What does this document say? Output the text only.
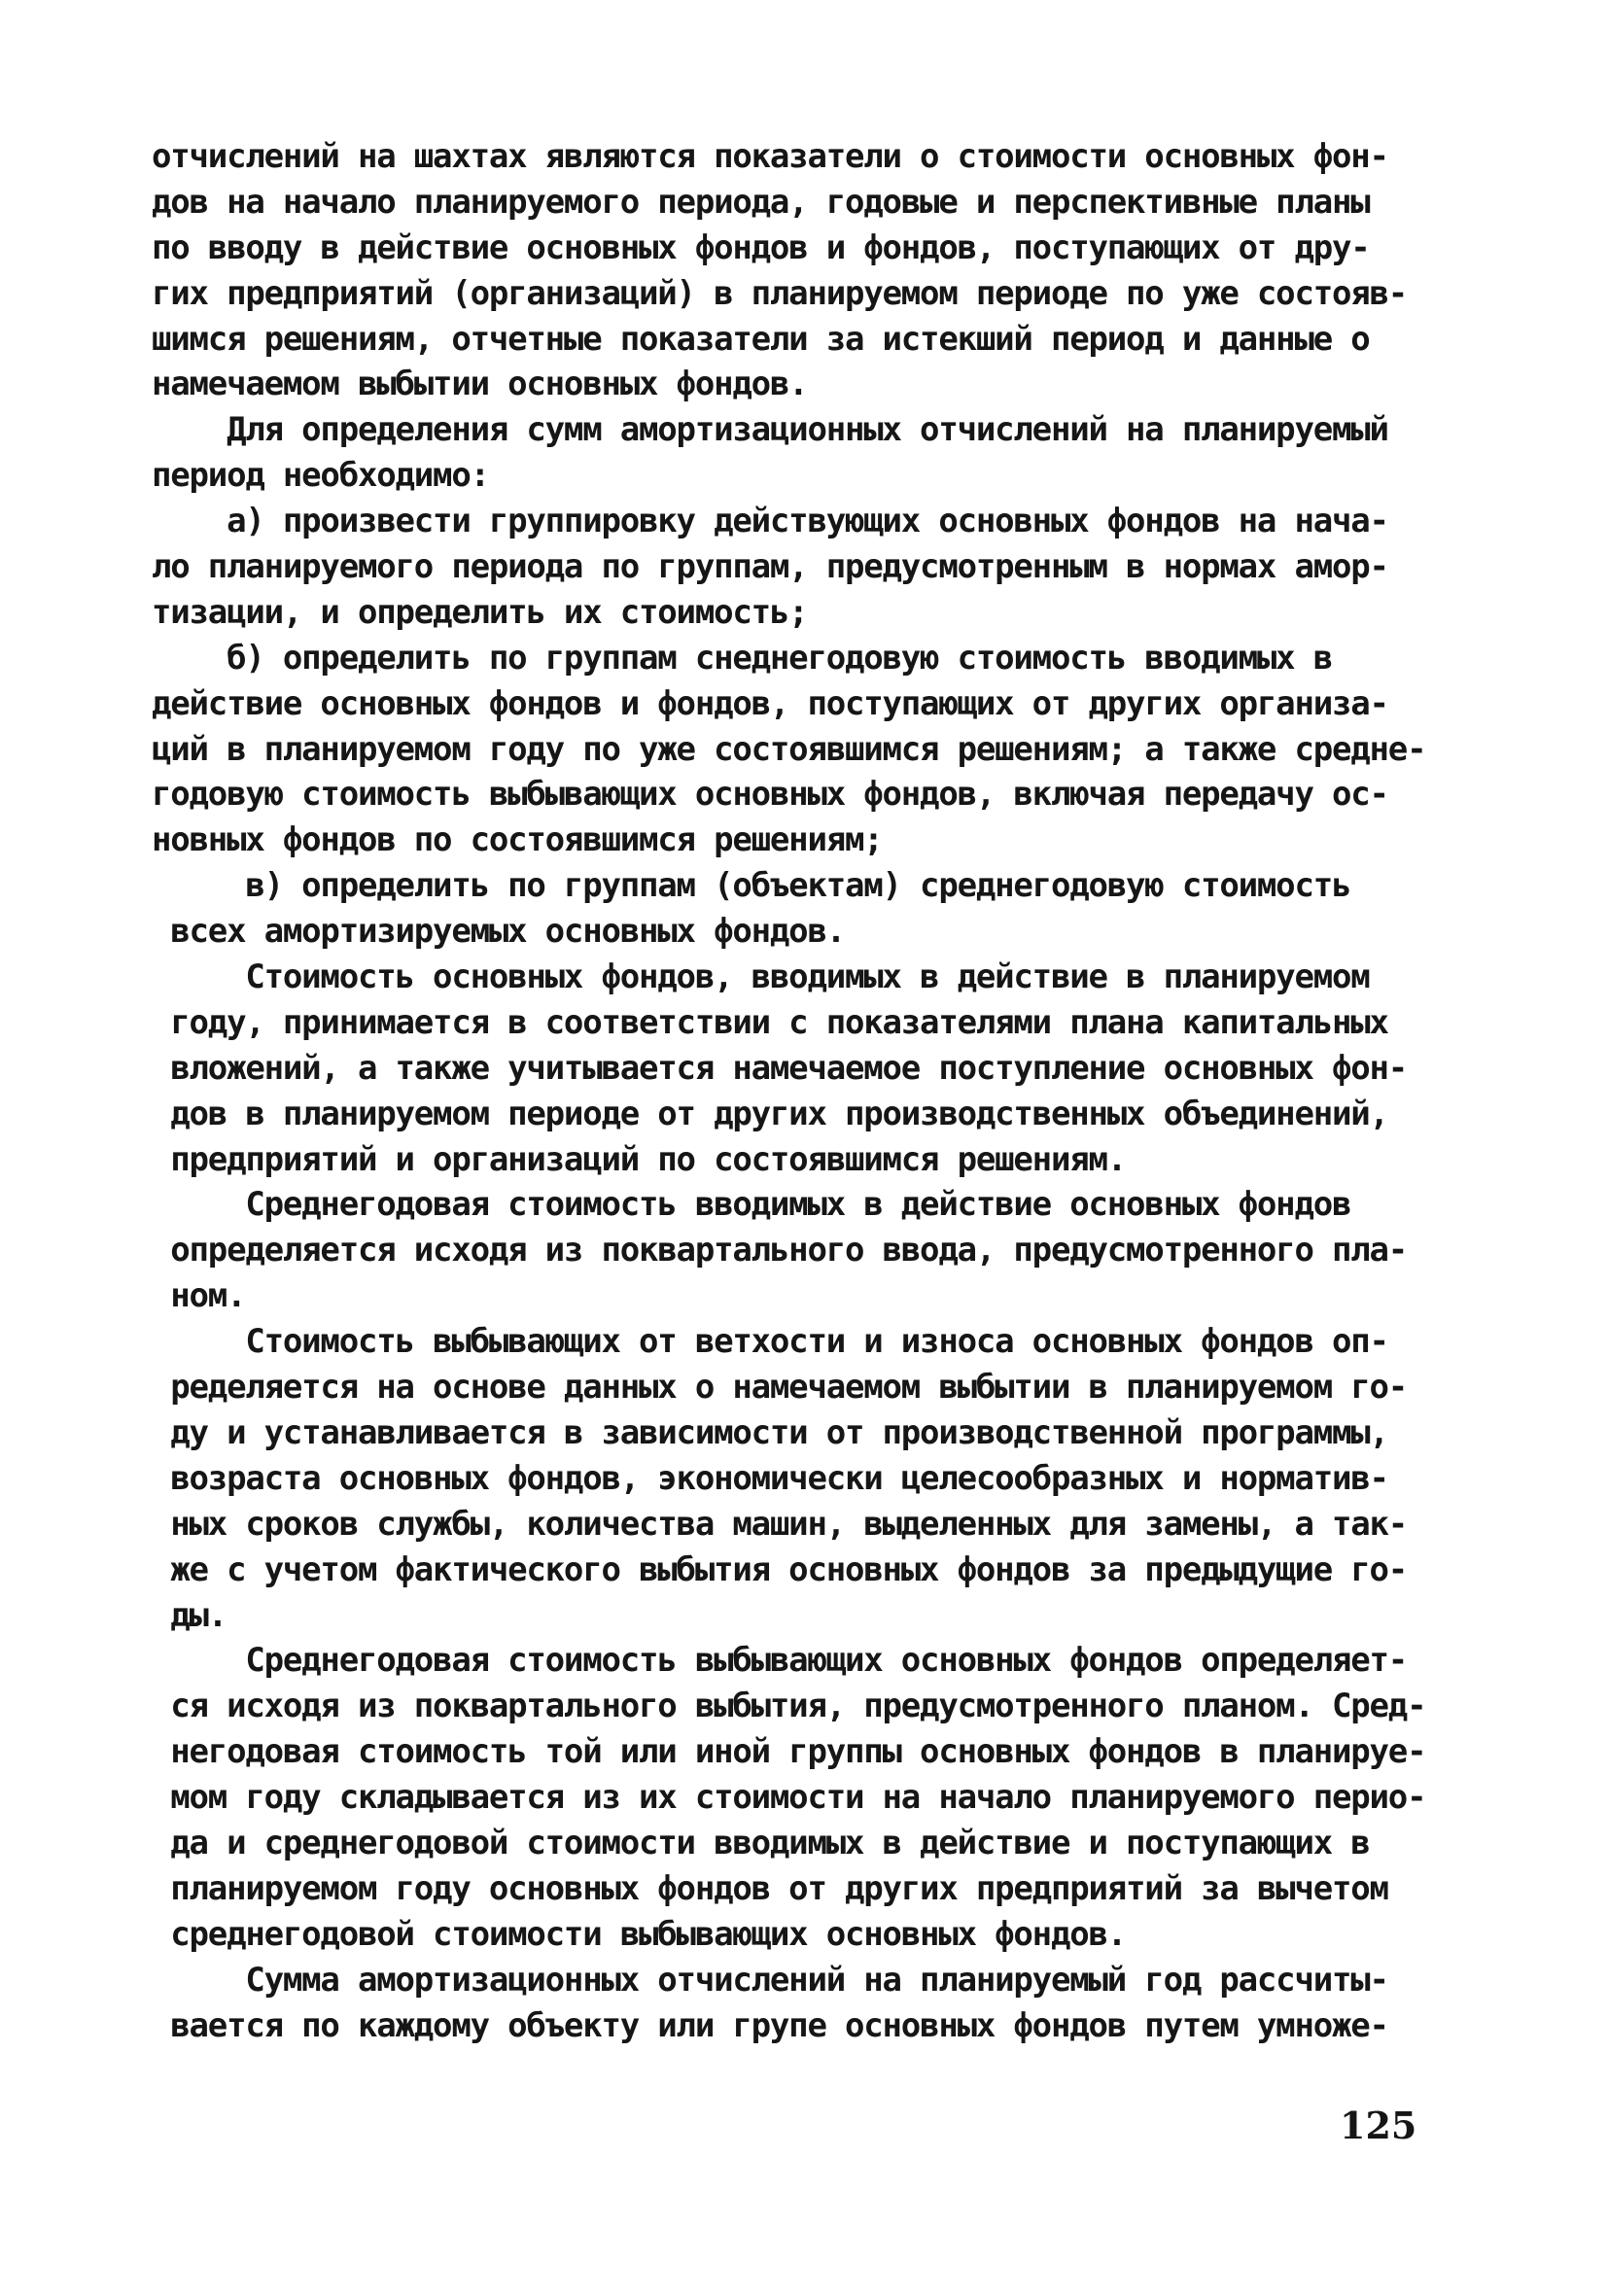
отчислений на шахтах являются показатели о стоимости основных фон-
дов на начало планируемого периода, годовые и перспективные планы
по вводу в действие основных фондов и фондов, поступающих от дру-
гих предприятий (организаций) в планируемом периоде по уже состояв-
шимся решениям, отчетные показатели за истекший период и данные о
намечаемом выбытии основных фондов.
Для определения сумм амортизационных отчислений на планируемый
период необходимо:
а) произвести группировку действующих основных фондов на нача-
ло планируемого периода по группам, предусмотренным в нормах амор-
тизации, и определить их стоимость;
б) определить по группам снеднегодовую стоимость вводимых в
действие основных фондов и фондов, поступающих от других организа-
ций в планируемом году по уже состоявшимся решениям; а также средне-
годовую стоимость выбывающих основных фондов, включая передачу ос-
новных фондов по состоявшимся решениям;
в) определить по группам (объектам) среднегодовую стоимость
всех амортизируемых основных фондов.
Стоимость основных фондов, вводимых в действие в планируемом
году, принимается в соответствии с показателями плана капитальных
вложений, а также учитывается намечаемое поступление основных фон-
дов в планируемом периоде от других производственных объединений,
предприятий и организаций по состоявшимся решениям.
Среднегодовая стоимость вводимых в действие основных фондов
определяется исходя из поквартального ввода, предусмотренного пла-
ном.
Стоимость выбывающих от ветхости и износа основных фондов оп-
ределяется на основе данных о намечаемом выбытии в планируемом го-
ду и устанавливается в зависимости от производственной программы,
возраста основных фондов, экономически целесообразных и норматив-
ных сроков службы, количества машин, выделенных для замены, а так-
же с учетом фактического выбытия основных фондов за предыдущие го-
ды.
Среднегодовая стоимость выбывающих основных фондов определяет-
ся исходя из поквартального выбытия, предусмотренного планом. Сред-
негодовая стоимость той или иной группы основных фондов в планируе-
мом году складывается из их стоимости на начало планируемого перио-
да и среднегодовой стоимости вводимых в действие и поступающих в
планируемом году основных фондов от других предприятий за вычетом
среднегодовой стоимости выбывающих основных фондов.
Сумма амортизационных отчислений на планируемый год рассчиты-
вается по каждому объекту или групе основных фондов путем умноже-
125
